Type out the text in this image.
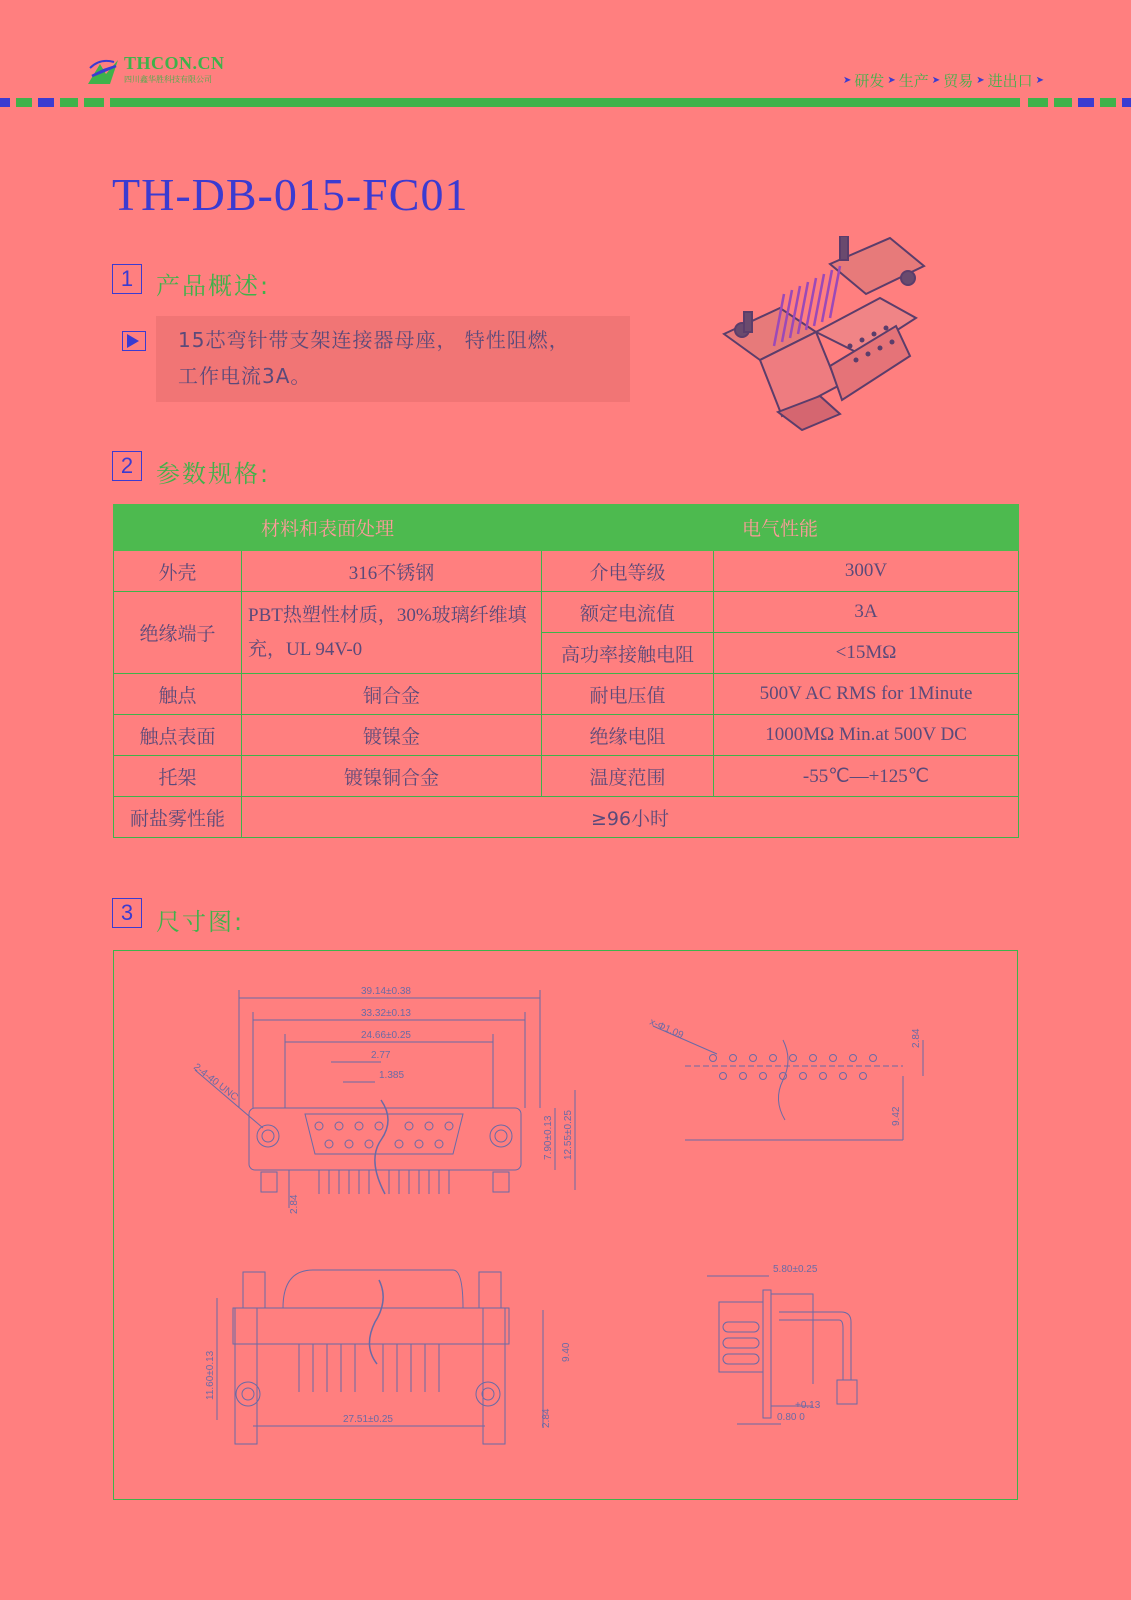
THCON.CN
四川鑫华胜科技有限公司	➤ 研发 ➤ 生产 ➤ 贸易 ➤ 进出口 ➤
TH-DB-015-FC01
1 产品概述:
15芯弯针带支架连接器母座， 特性阻燃，
工作电流3A。
2 参数规格:
材料和表面处理		电气性能	
外壳	316不锈钢	介电等级	300V
绝缘端子	PBT热塑性材质，30%玻璃纤维填充，UL 94V-0	额定电流值	3A
		高功率接触电阻	<15MΩ
触点	铜合金	耐电压值	500V AC RMS for 1Minute
触点表面	镀镍金	绝缘电阻	1000MΩ Min.at 500V DC
托架	镀镍铜合金	温度范围	-55℃—+125℃
耐盐雾性能	≥96小时		
3 尺寸图:
39.14±0.38
33.32±0.13
24.66±0.25
2.77
1.385
2-4-40 UNC
7.90±0.13 12.55±0.25
2.84
x-Φ1.09	2.84
9.42
11.60±0.13
27.51±0.25
9.40
2.84
5.80±0.25
+0.13
0.80 0
